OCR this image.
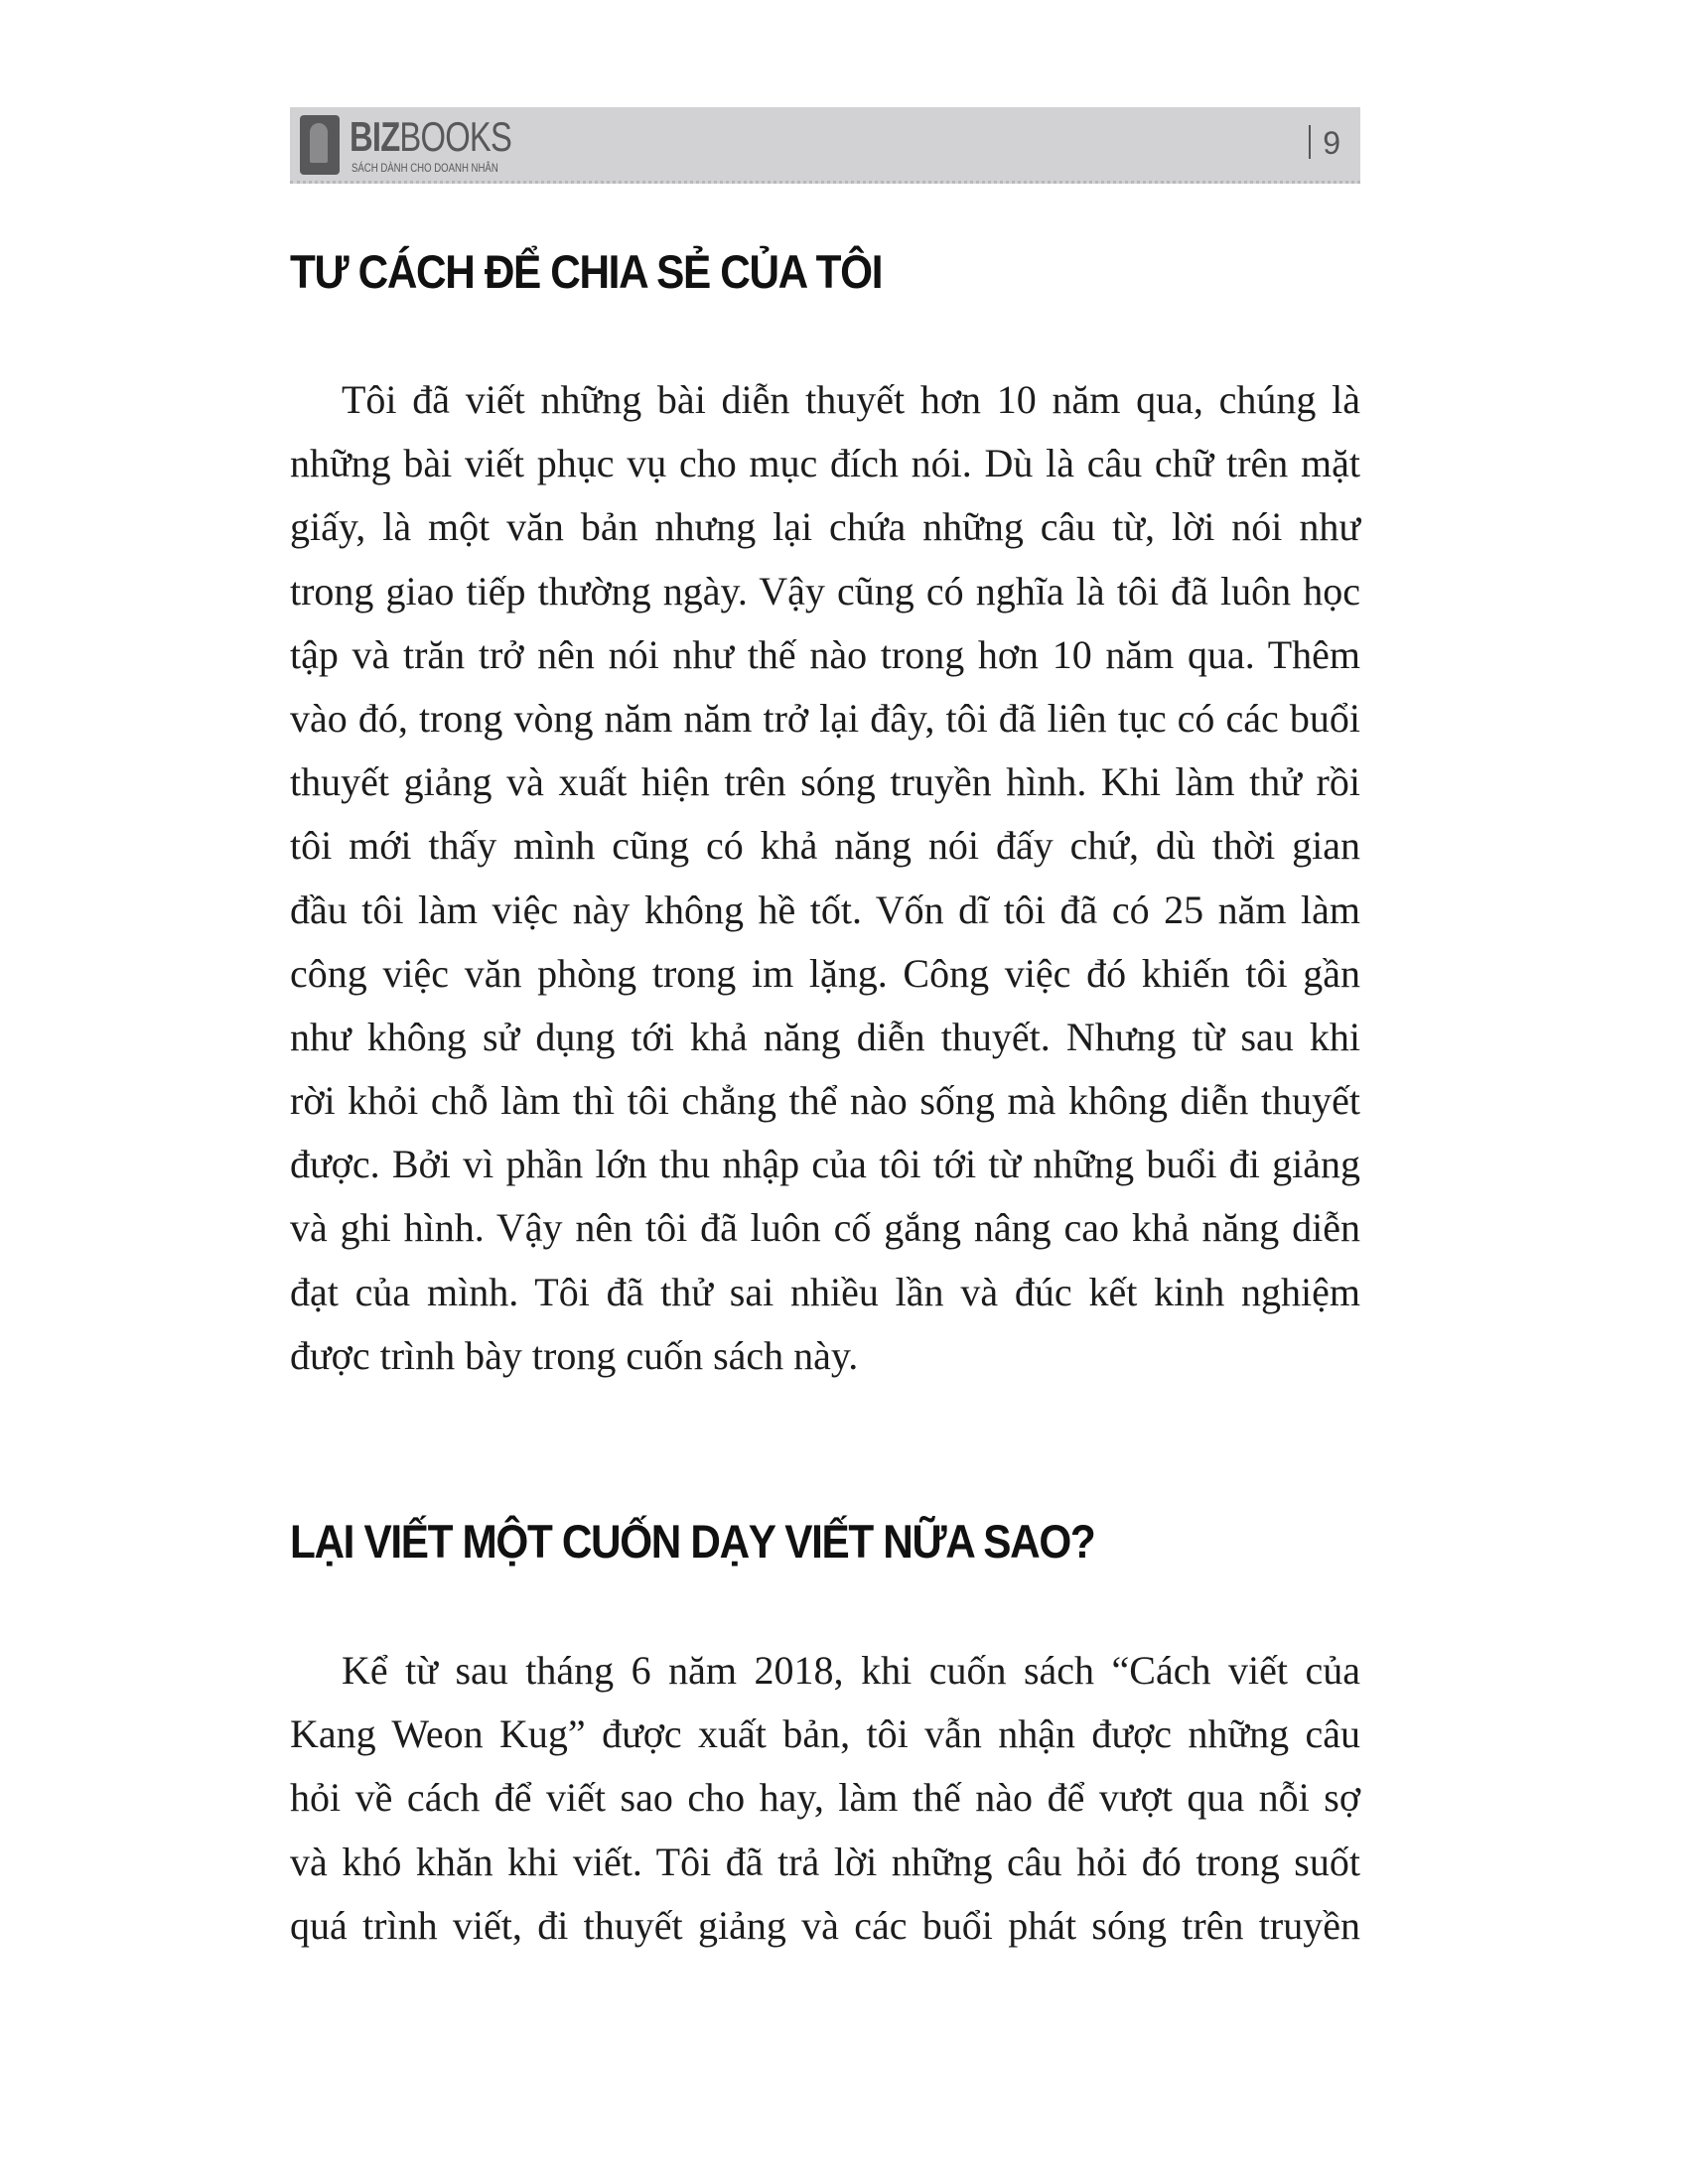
BIZBOOKS
SÁCH DÀNH CHO DOANH NHÂN
9
TƯ CÁCH ĐỂ CHIA SẺ CỦA TÔI
Tôi đã viết những bài diễn thuyết hơn 10 năm qua, chúng là
những bài viết phục vụ cho mục đích nói. Dù là câu chữ trên mặt
giấy, là một văn bản nhưng lại chứa những câu từ, lời nói như
trong giao tiếp thường ngày. Vậy cũng có nghĩa là tôi đã luôn học
tập và trăn trở nên nói như thế nào trong hơn 10 năm qua. Thêm
vào đó, trong vòng năm năm trở lại đây, tôi đã liên tục có các buổi
thuyết giảng và xuất hiện trên sóng truyền hình. Khi làm thử rồi
tôi mới thấy mình cũng có khả năng nói đấy chứ, dù thời gian
đầu tôi làm việc này không hề tốt. Vốn dĩ tôi đã có 25 năm làm
công việc văn phòng trong im lặng. Công việc đó khiến tôi gần
như không sử dụng tới khả năng diễn thuyết. Nhưng từ sau khi
rời khỏi chỗ làm thì tôi chẳng thể nào sống mà không diễn thuyết
được. Bởi vì phần lớn thu nhập của tôi tới từ những buổi đi giảng
và ghi hình. Vậy nên tôi đã luôn cố gắng nâng cao khả năng diễn
đạt của mình. Tôi đã thử sai nhiều lần và đúc kết kinh nghiệm
được trình bày trong cuốn sách này.
LẠI VIẾT MỘT CUỐN DẠY VIẾT NỮA SAO?
Kể từ sau tháng 6 năm 2018, khi cuốn sách “Cách viết của
Kang Weon Kug” được xuất bản, tôi vẫn nhận được những câu
hỏi về cách để viết sao cho hay, làm thế nào để vượt qua nỗi sợ
và khó khăn khi viết. Tôi đã trả lời những câu hỏi đó trong suốt
quá trình viết, đi thuyết giảng và các buổi phát sóng trên truyền
